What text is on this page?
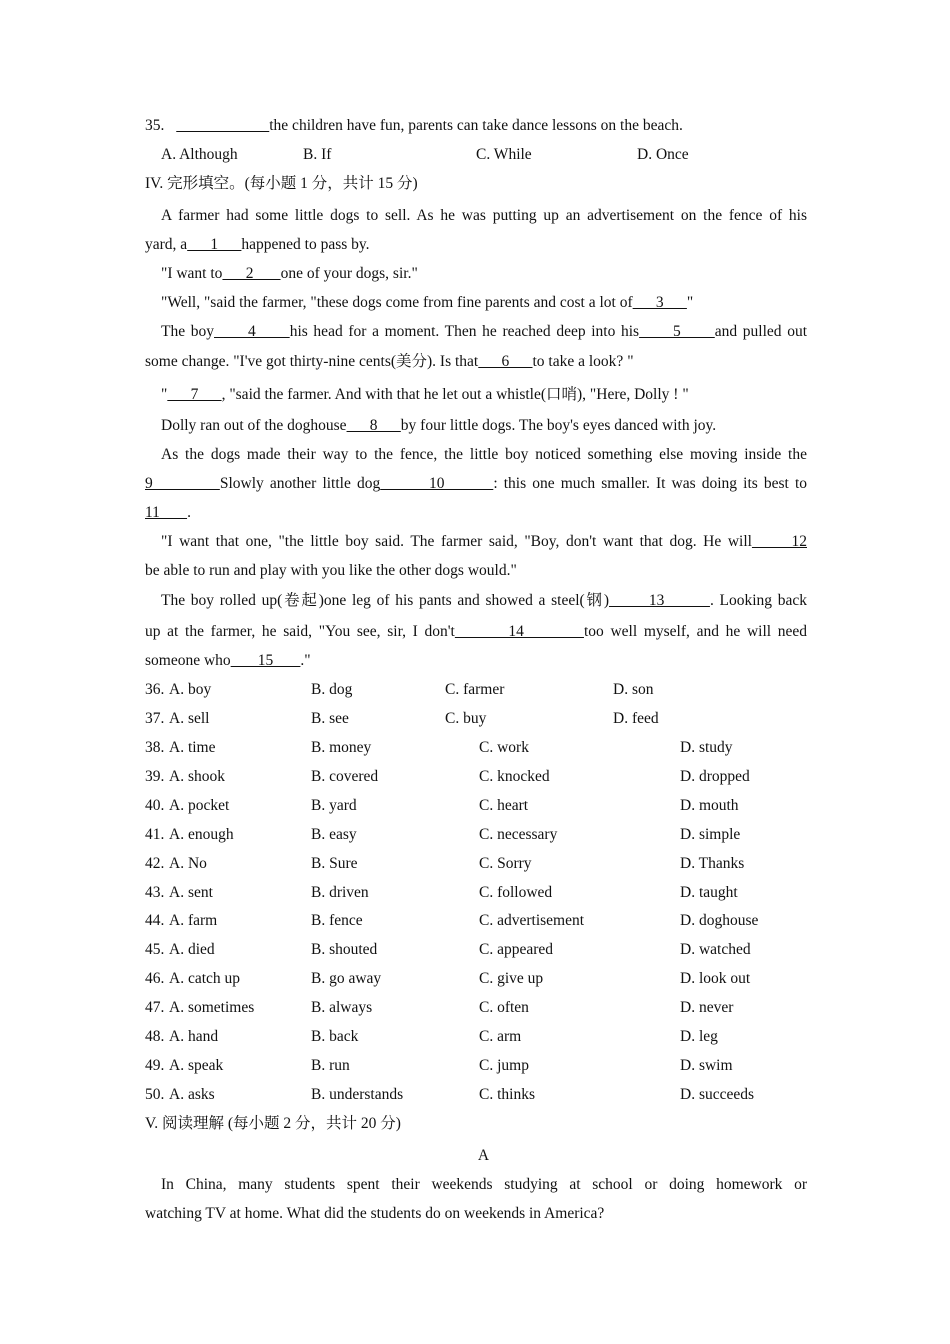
35.	the children have fun, parents can take dance lessons on the beach.
A. Although	B. If	C. While	D. Once
IV. 完形填空。(每小题 1 分，共计 15 分)
A farmer had some little dogs to sell. As he was putting up an advertisement on the fence of his
yard, a      1      happened to pass by.
"I want to      2       one of your dogs, sir."
"Well, "said the farmer, "these dogs come from fine parents and cost a lot of      3      "
The boy      4      his head for a moment. Then he reached deep into his      5      and pulled out
some change. "I've got thirty-nine cents(美分). Is that      6      to take a look? "
"      7      , "said the farmer. And with that he let out a whistle(口哨), "Here, Dolly ! "
Dolly ran out of the doghouse      8      by four little dogs. The boy's eyes danced with joy.
As the dogs made their way to the fence, the little boy noticed something else moving inside the
9           Slowly another little dog        10        : this one much smaller. It was doing its best to
11       .
"I want that one, "the little boy said. The farmer said, "Boy, don't want that dog. He will      12
be able to run and play with you like the other dogs would."
The boy rolled up(卷起)one leg of his pants and showed a steel(钢)       13        . Looking back
up at the farmer, he said, "You see, sir, I don't        14         too well myself, and he will need
someone who       15       ."
36. A. boy	B. dog	C. farmer	D. son
37. A. sell	B. see	C. buy	D. feed
38. A. time	B. money	C. work	D. study
39. A. shook	B. covered	C. knocked	D. dropped
40. A. pocket	B. yard	C. heart	D. mouth
41. A. enough	B. easy	C. necessary	D. simple
42. A. No	B. Sure	C. Sorry	D. Thanks
43. A. sent	B. driven	C. followed	D. taught
44. A. farm	B. fence	C. advertisement	D. doghouse
45. A. died	B. shouted	C. appeared	D. watched
46. A. catch up	B. go away	C. give up	D. look out
47. A. sometimes	B. always	C. often	D. never
48. A. hand	B. back	C. arm	D. leg
49. A. speak	B. run	C. jump	D. swim
50. A. asks	B. understands	C. thinks	D. succeeds
V. 阅读理解 (每小题 2 分，共计 20 分)
A
In China, many students spent their weekends studying at school or doing homework or
watching TV at home. What did the students do on weekends in America?
